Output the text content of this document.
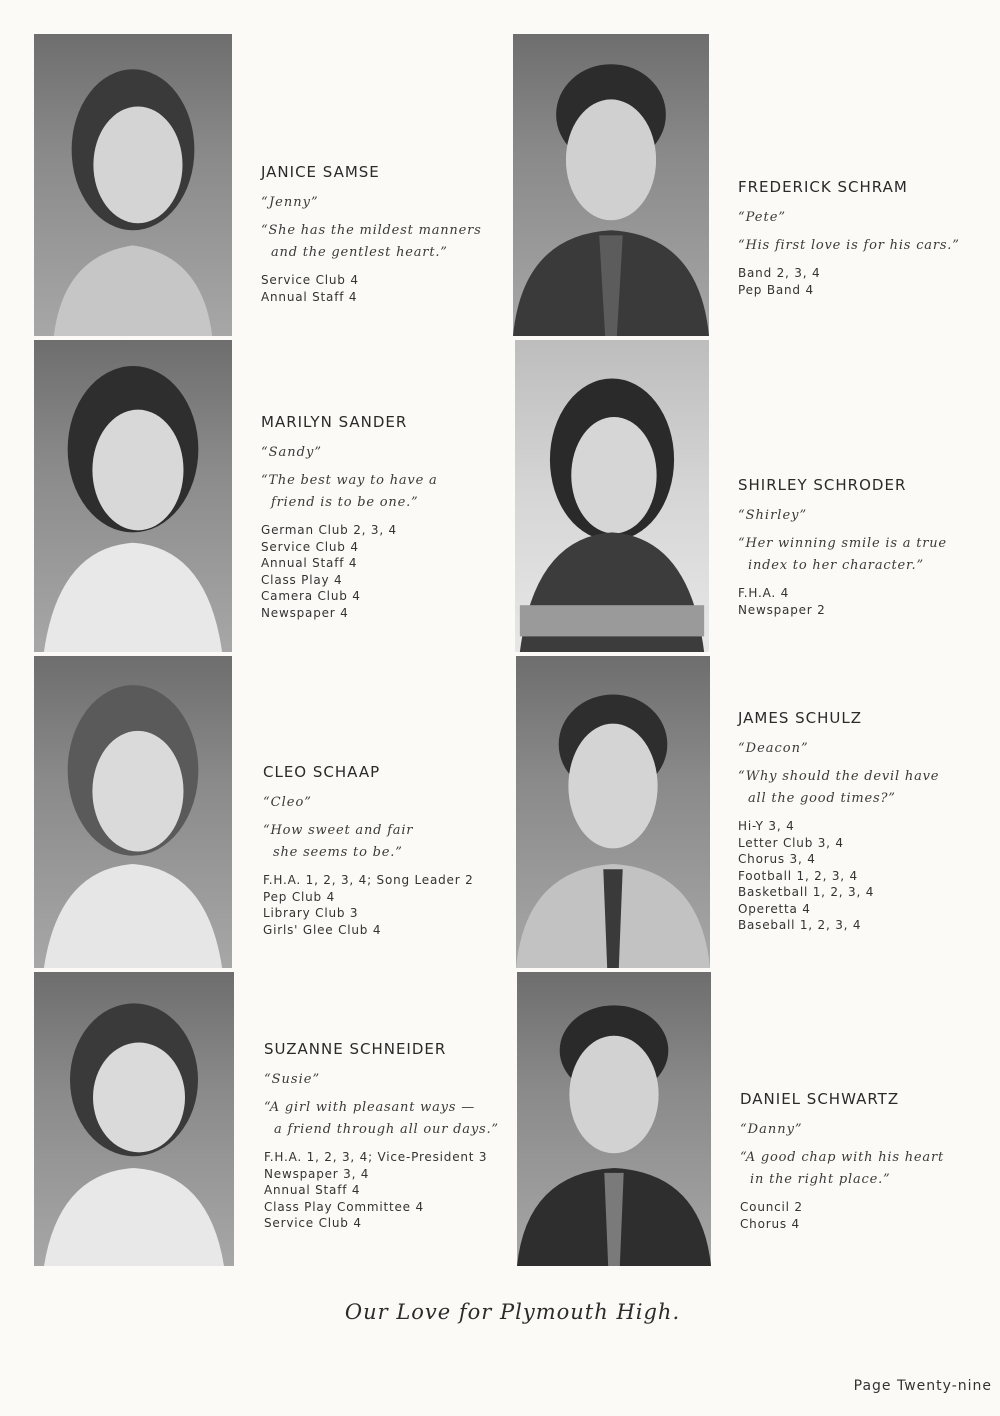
JANICE SAMSE
“Jenny”
“She has the mildest manners
and the gentlest heart.”
Service Club 4
Annual Staff 4
MARILYN SANDER
“Sandy”
“The best way to have a
friend is to be one.”
German Club 2, 3, 4
Service Club 4
Annual Staff 4
Class Play 4
Camera Club 4
Newspaper 4
CLEO SCHAAP
“Cleo”
“How sweet and fair
she seems to be.”
F.H.A. 1, 2, 3, 4; Song Leader 2
Pep Club 4
Library Club 3
Girls' Glee Club 4
SUZANNE SCHNEIDER
“Susie”
“A girl with pleasant ways —
a friend through all our days.”
F.H.A. 1, 2, 3, 4; Vice-President 3
Newspaper 3, 4
Annual Staff 4
Class Play Committee 4
Service Club 4
FREDERICK SCHRAM
“Pete”
“His first love is for his cars.”
Band 2, 3, 4
Pep Band 4
SHIRLEY SCHRODER
“Shirley”
“Her winning smile is a true
index to her character.”
F.H.A. 4
Newspaper 2
JAMES SCHULZ
“Deacon”
“Why should the devil have
all the good times?”
Hi-Y 3, 4
Letter Club 3, 4
Chorus 3, 4
Football 1, 2, 3, 4
Basketball 1, 2, 3, 4
Operetta 4
Baseball 1, 2, 3, 4
DANIEL SCHWARTZ
“Danny”
“A good chap with his heart
in the right place.”
Council 2
Chorus 4
Our Love for Plymouth High.
Page Twenty-nine
